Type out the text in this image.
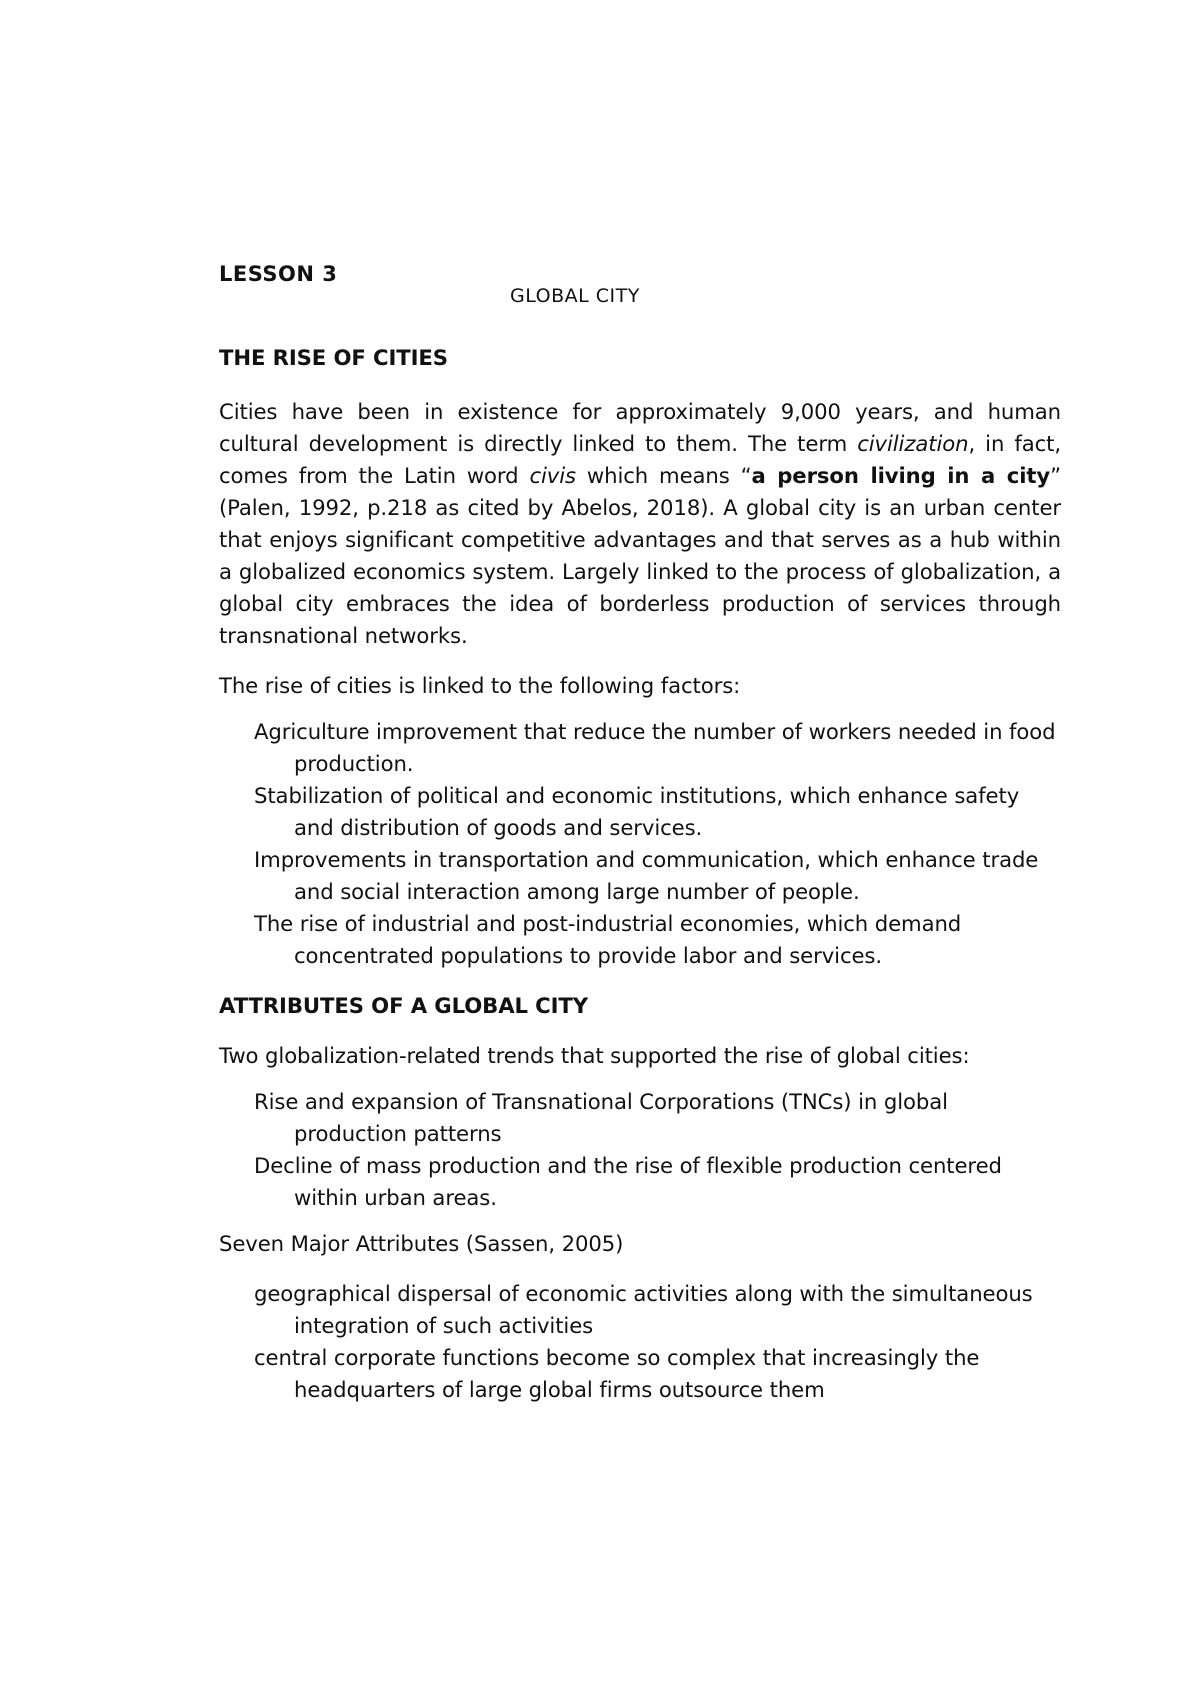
LESSON 3
GLOBAL CITY

THE RISE OF CITIES

Cities have been in existence for approximately 9,000 years, and human cultural development is directly linked to them. The term civilization, in fact, comes from the Latin word civis which means “a person living in a city” (Palen, 1992, p.218 as cited by Abelos, 2018). A global city is an urban center that enjoys significant competitive advantages and that serves as a hub within a globalized economics system. Largely linked to the process of globalization, a global city embraces the idea of borderless production of services through transnational networks.

The rise of cities is linked to the following factors:

Agriculture improvement that reduce the number of workers needed in food production.
Stabilization of political and economic institutions, which enhance safety and distribution of goods and services.
Improvements in transportation and communication, which enhance trade and social interaction among large number of people.
The rise of industrial and post-industrial economies, which demand concentrated populations to provide labor and services.

ATTRIBUTES OF A GLOBAL CITY

Two globalization-related trends that supported the rise of global cities:

Rise and expansion of Transnational Corporations (TNCs) in global production patterns
Decline of mass production and the rise of flexible production centered within urban areas.

Seven Major Attributes (Sassen, 2005)

geographical dispersal of economic activities along with the simultaneous integration of such activities
central corporate functions become so complex that increasingly the headquarters of large global firms outsource them
